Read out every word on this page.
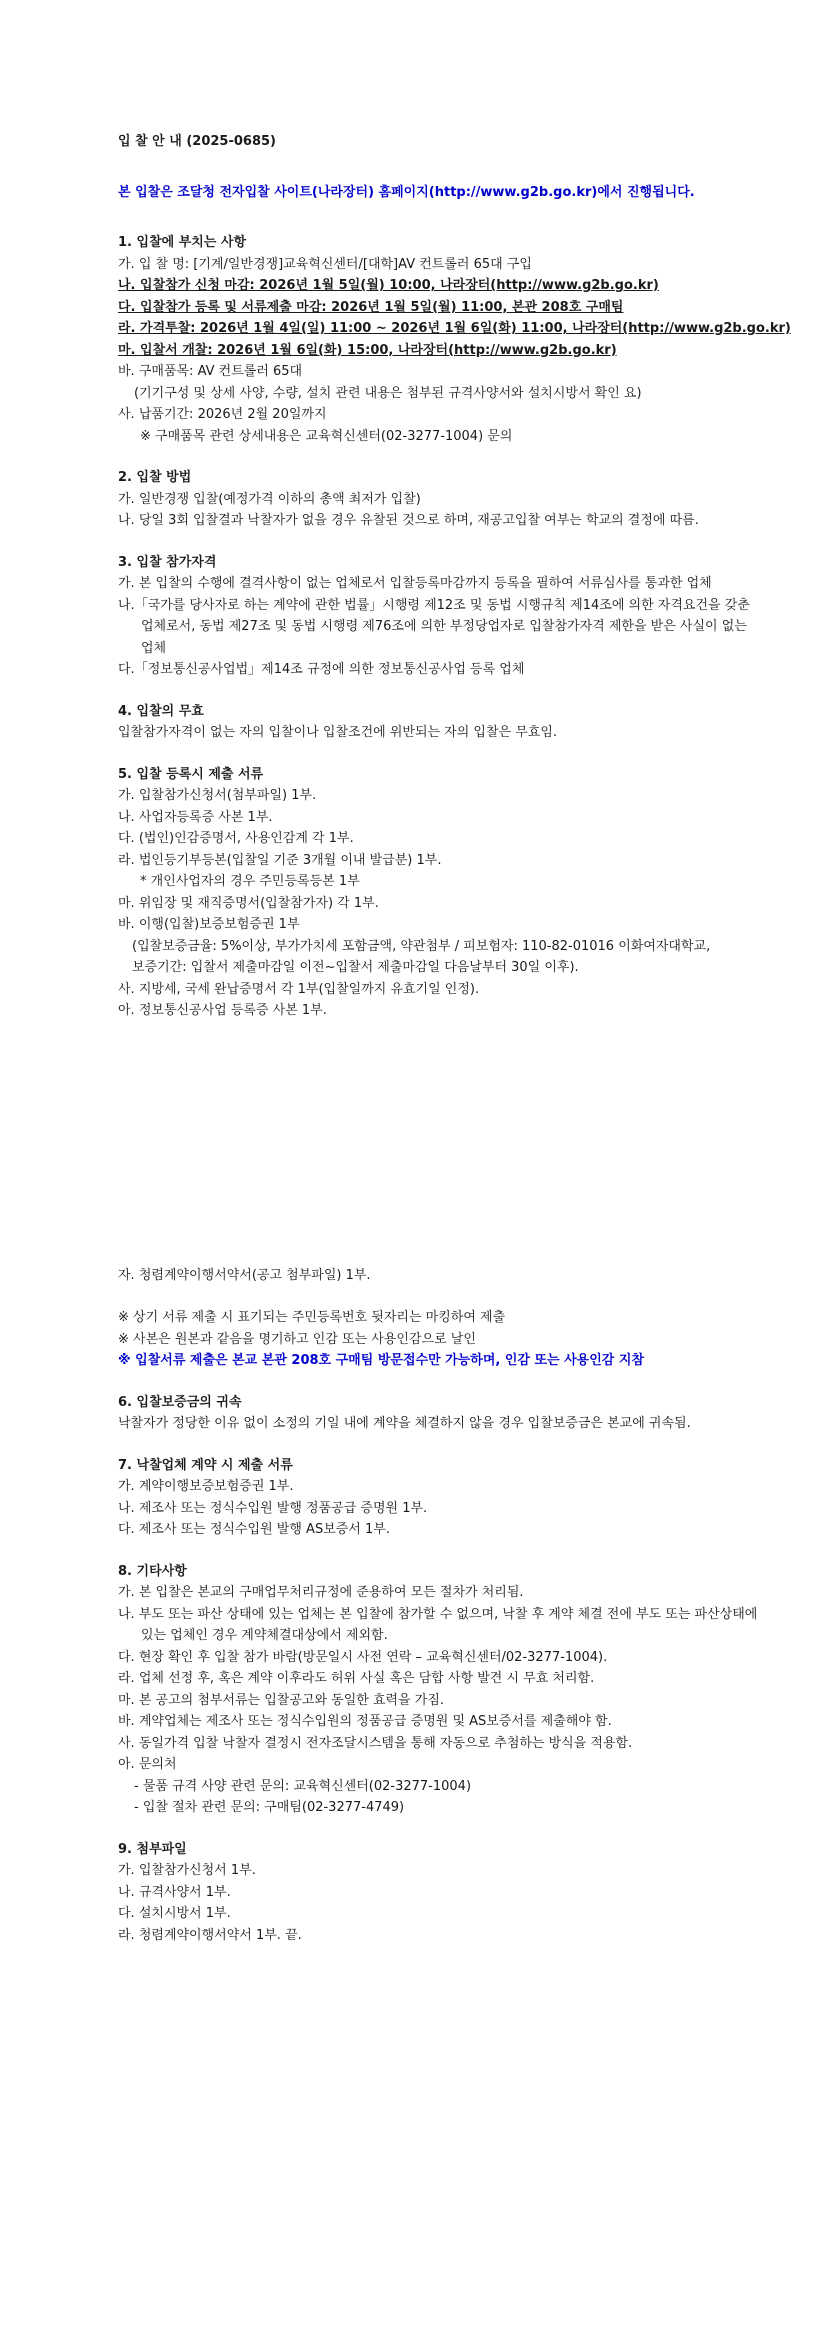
입 찰 안 내 (2025-0685)
본 입찰은 조달청 전자입찰 사이트(나라장터) 홈페이지(http://www.g2b.go.kr)에서 진행됩니다.
1. 입찰에 부치는 사항
가. 입 찰 명: [기계/일반경쟁]교육혁신센터/[대학]AV 컨트롤러 65대 구입
나. 입찰참가 신청 마감: 2026년 1월 5일(월) 10:00, 나라장터(http://www.g2b.go.kr)
다. 입찰참가 등록 및 서류제출 마감: 2026년 1월 5일(월) 11:00, 본관 208호 구매팀
라. 가격투찰: 2026년 1월 4일(일) 11:00 ~ 2026년 1월 6일(화) 11:00, 나라장터(http://www.g2b.go.kr)
마. 입찰서 개찰: 2026년 1월 6일(화) 15:00, 나라장터(http://www.g2b.go.kr)
바. 구매품목: AV 컨트롤러 65대
(기기구성 및 상세 사양, 수량, 설치 관련 내용은 첨부된 규격사양서와 설치시방서 확인 요)
사. 납품기간: 2026년 2월 20일까지
※ 구매품목 관련 상세내용은 교육혁신센터(02-3277-1004) 문의
2. 입찰 방법
가. 일반경쟁 입찰(예정가격 이하의 총액 최저가 입찰)
나. 당일 3회 입찰결과 낙찰자가 없을 경우 유찰된 것으로 하며, 재공고입찰 여부는 학교의 결정에 따름.
3. 입찰 참가자격
가. 본 입찰의 수행에 결격사항이 없는 업체로서 입찰등록마감까지 등록을 필하여 서류심사를 통과한 업체
나.「국가를 당사자로 하는 계약에 관한 법률」시행령 제12조 및 동법 시행규칙 제14조에 의한 자격요건을 갖춘 업체로서, 동법 제27조 및 동법 시행령 제76조에 의한 부정당업자로 입찰참가자격 제한을 받은 사실이 없는 업체
다.「정보통신공사업법」제14조 규정에 의한 정보통신공사업 등록 업체
4. 입찰의 무효
입찰참가자격이 없는 자의 입찰이나 입찰조건에 위반되는 자의 입찰은 무효임.
5. 입찰 등록시 제출 서류
가. 입찰참가신청서(첨부파일) 1부.
나. 사업자등록증 사본 1부.
다. (법인)인감증명서, 사용인감계 각 1부.
라. 법인등기부등본(입찰일 기준 3개월 이내 발급분) 1부.
* 개인사업자의 경우 주민등록등본 1부
마. 위임장 및 재직증명서(입찰참가자) 각 1부.
바. 이행(입찰)보증보험증권 1부
(입찰보증금율: 5%이상, 부가가치세 포함금액, 약관첨부 / 피보험자: 110-82-01016 이화여자대학교,
보증기간: 입찰서 제출마감일 이전~입찰서 제출마감일 다음날부터 30일 이후).
사. 지방세, 국세 완납증명서 각 1부(입찰일까지 유효기일 인정).
아. 정보통신공사업 등록증 사본 1부.
자. 청렴계약이행서약서(공고 첨부파일) 1부.
※ 상기 서류 제출 시 표기되는 주민등록번호 뒷자리는 마킹하여 제출
※ 사본은 원본과 같음을 명기하고 인감 또는 사용인감으로 날인
※ 입찰서류 제출은 본교 본관 208호 구매팀 방문접수만 가능하며, 인감 또는 사용인감 지참
6. 입찰보증금의 귀속
낙찰자가 정당한 이유 없이 소정의 기일 내에 계약을 체결하지 않을 경우 입찰보증금은 본교에 귀속됨.
7. 낙찰업체 계약 시 제출 서류
가. 계약이행보증보험증권 1부.
나. 제조사 또는 정식수입원 발행 정품공급 증명원 1부.
다. 제조사 또는 정식수입원 발행 AS보증서 1부.
8. 기타사항
가. 본 입찰은 본교의 구매업무처리규정에 준용하여 모든 절차가 처리됨.
나. 부도 또는 파산 상태에 있는 업체는 본 입찰에 참가할 수 없으며, 낙찰 후 계약 체결 전에 부도 또는 파산상태에 있는 업체인 경우 계약체결대상에서 제외함.
다. 현장 확인 후 입찰 참가 바람(방문일시 사전 연락 – 교육혁신센터/02-3277-1004).
라. 업체 선정 후, 혹은 계약 이후라도 허위 사실 혹은 담합 사항 발견 시 무효 처리함.
마. 본 공고의 첨부서류는 입찰공고와 동일한 효력을 가짐.
바. 계약업체는 제조사 또는 정식수입원의 정품공급 증명원 및 AS보증서를 제출해야 함.
사. 동일가격 입찰 낙찰자 결정시 전자조달시스템을 통해 자동으로 추첨하는 방식을 적용함.
아. 문의처
- 물품 규격 사양 관련 문의: 교육혁신센터(02-3277-1004)
- 입찰 절차 관련 문의: 구매팀(02-3277-4749)
9. 첨부파일
가. 입찰참가신청서 1부.
나. 규격사양서 1부.
다. 설치시방서 1부.
라. 청렴계약이행서약서 1부. 끝.
